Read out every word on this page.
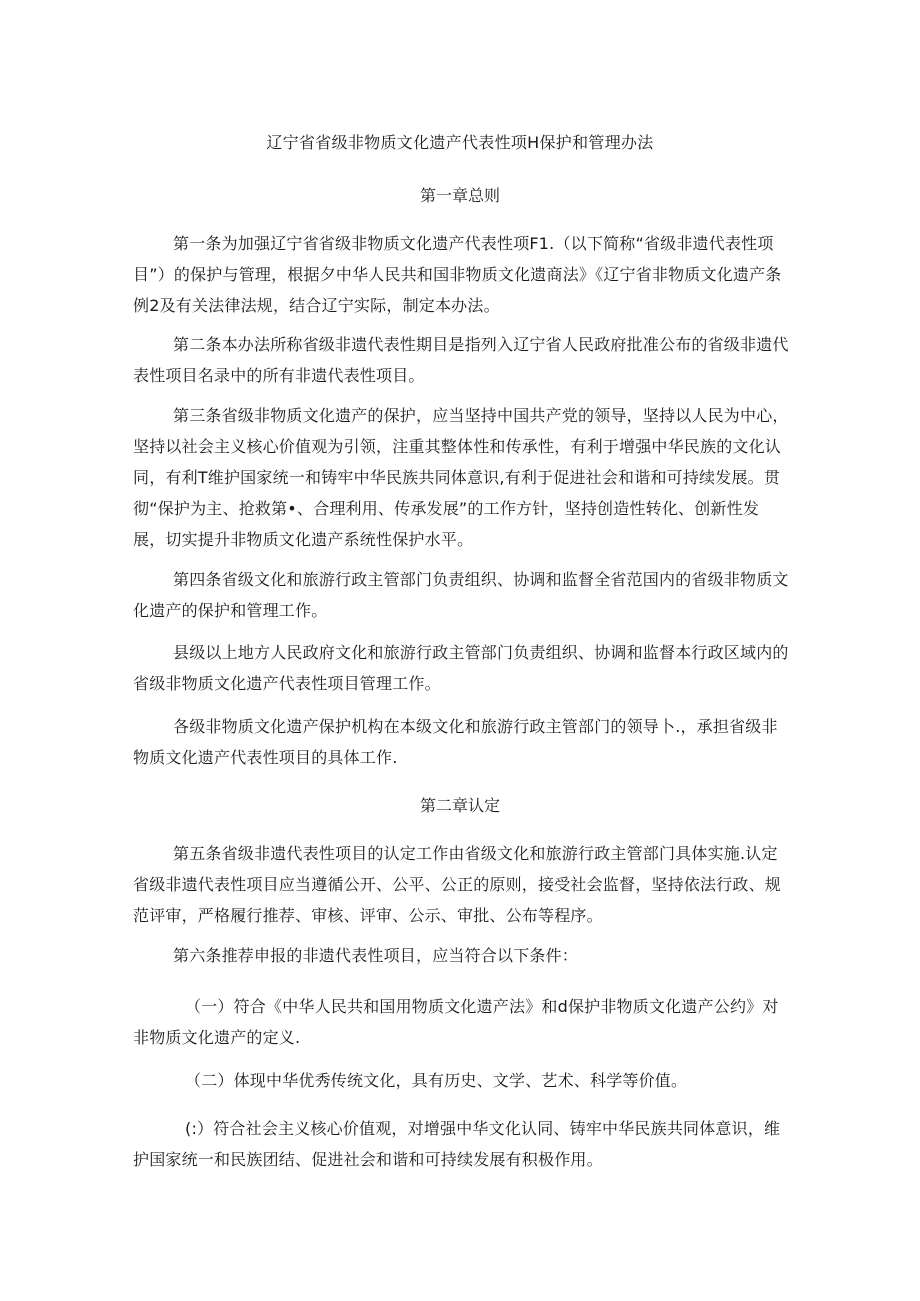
辽宁省省级非物质文化遗产代表性项H保护和管理办法
第一章总则

第一条为加强辽宁省省级非物质文化遗产代表性项F1.（以下简称“省级非遗代表性项目”）的保护与管理，根据夕中华人民共和国非物质文化遗商法》《辽宁省非物质文化遗产条例2及有关法律法规，结合辽宁实际，制定本办法。

第二条本办法所称省级非遗代表性期目是指列入辽宁省人民政府批准公布的省级非遗代表性项目名录中的所有非遗代表性项目。

第三条省级非物质文化遗产的保护，应当坚持中国共产党的领导，坚持以人民为中心，坚持以社会主义核心价值观为引领，注重其整体性和传承性，有利于增强中华民族的文化认同，有利T维护国家统一和铸牢中华民族共同体意识,有利于促进社会和谐和可持续发展。贯彻“保护为主、抢救第•、合理利用、传承发展”的工作方针，坚持创造性转化、创新性发展，切实提升非物质文化遗产系统性保护水平。

第四条省级文化和旅游行政主管部门负责组织、协调和监督全省范国内的省级非物质文化遗产的保护和管理工作。

县级以上地方人民政府文化和旅游行政主管部门负责组织、协调和监督本行政区域内的省级非物质文化遗产代表性项目管理工作。

各级非物质文化遗产保护机构在本级文化和旅游行政主管部门的领导卜.，承担省级非物质文化遗产代表性项目的具体工作.

第二章认定

第五条省级非遗代表性项目的认定工作由省级文化和旅游行政主管部门具体实施.认定省级非遗代表性项目应当遵循公开、公平、公正的原则，接受社会监督，坚持依法行政、规范评审，严格履行推荐、审核、评审、公示、审批、公布等程序。

第六条推荐申报的非遗代表性项目，应当符合以下条件：

（一）符合《中华人民共和国用物质文化遗产法》和d保护非物质文化遗产公约》对非物质文化遗产的定义.

（二）体现中华优秀传统文化，具有历史、文学、艺术、科学等价值。

(:）符合社会主义核心价值观，对增强中华文化认同、铸牢中华民族共同体意识，维护国家统一和民族团结、促进社会和谐和可持续发展有积极作用。
